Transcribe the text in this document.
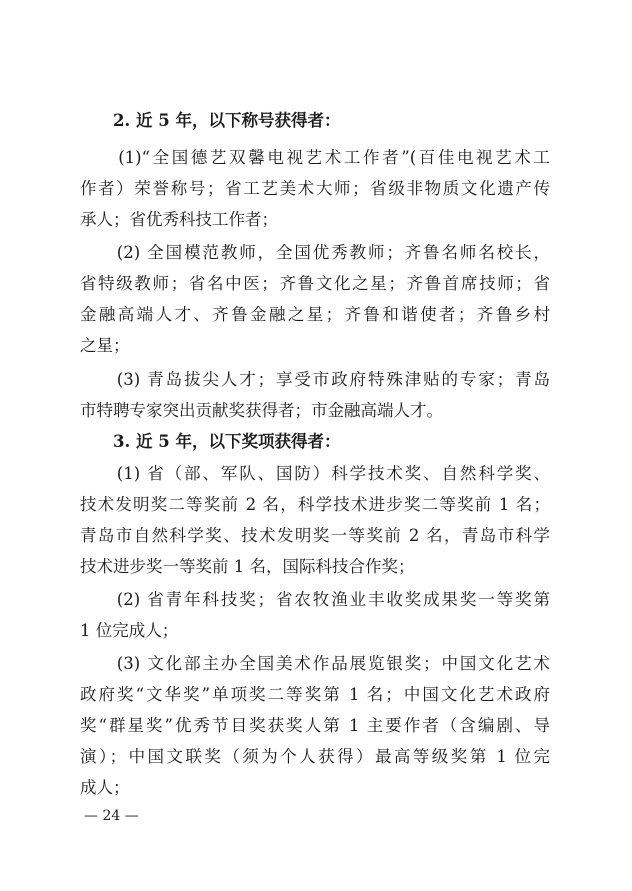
　　2. 近 5 年，以下称号获得者：
　　(1)“全国德艺双馨电视艺术工作者”(百佳电视艺术工
作者）荣誉称号；省工艺美术大师；省级非物质文化遗产传
承人；省优秀科技工作者；
　　(2) 全国模范教师，全国优秀教师；齐鲁名师名校长，
省特级教师；省名中医；齐鲁文化之星；齐鲁首席技师；省
金融高端人才、齐鲁金融之星；齐鲁和谐使者；齐鲁乡村
之星；
　　(3) 青岛拔尖人才；享受市政府特殊津贴的专家；青岛
市特聘专家突出贡献奖获得者；市金融高端人才。
　　3. 近 5 年，以下奖项获得者：
　　(1) 省（部、军队、国防）科学技术奖、自然科学奖、
技术发明奖二等奖前 2 名，科学技术进步奖二等奖前 1 名；
青岛市自然科学奖、技术发明奖一等奖前 2 名，青岛市科学
技术进步奖一等奖前 1 名，国际科技合作奖；
　　(2) 省青年科技奖；省农牧渔业丰收奖成果奖一等奖第
1 位完成人；
　　(3) 文化部主办全国美术作品展览银奖；中国文化艺术
政府奖“文华奖”单项奖二等奖第 1 名；中国文化艺术政府
奖“群星奖”优秀节目奖获奖人第 1 主要作者（含编剧、导
演）；中国文联奖（须为个人获得）最高等级奖第 1 位完
成人；
— 24 —
